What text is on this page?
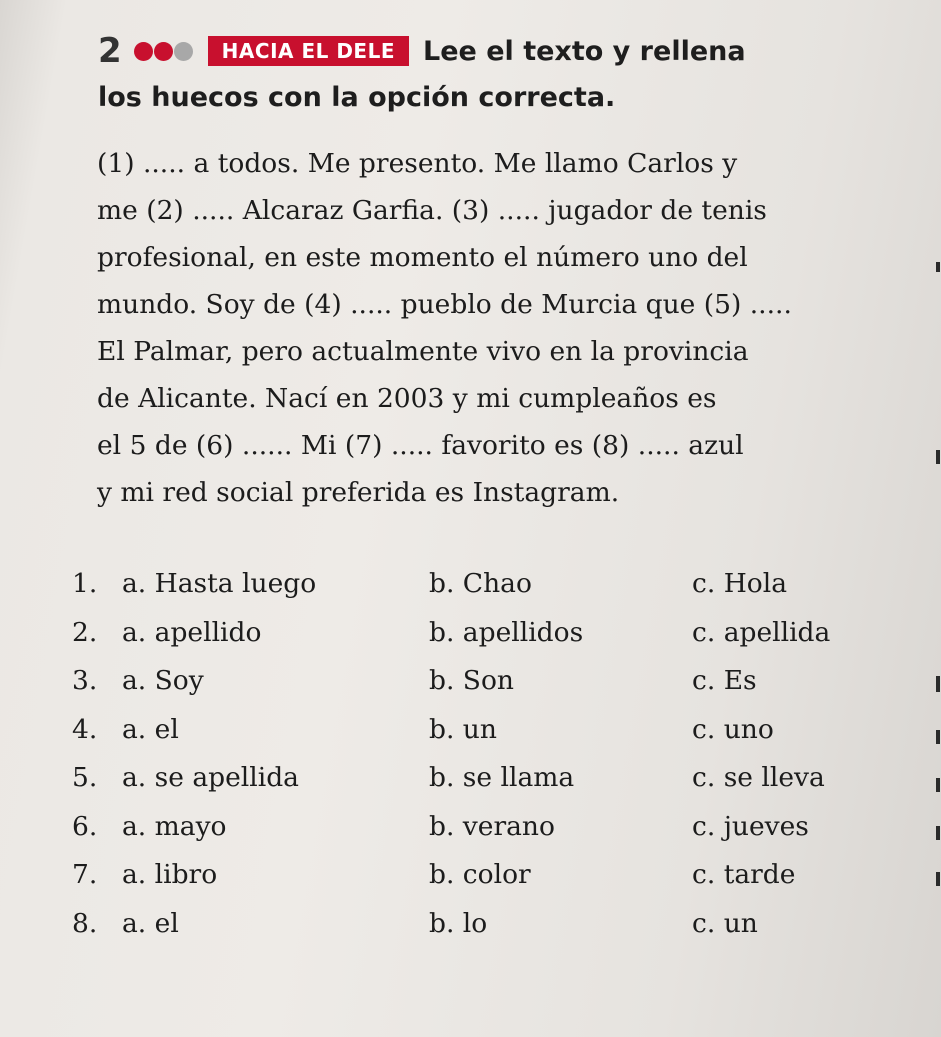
2	HACIA EL DELE	Lee el texto y rellena
los huecos con la opción correcta.
(1) ..... a todos. Me presento. Me llamo Carlos y
me (2) ..... Alcaraz Garfia. (3) ..... jugador de tenis
profesional, en este momento el número uno del
mundo. Soy de (4) ..... pueblo de Murcia que (5) .....
El Palmar, pero actualmente vivo en la provincia
de Alicante. Nací en 2003 y mi cumpleaños es
el 5 de (6) ...... Mi (7) ..... favorito es (8) ..... azul
y mi red social preferida es Instagram.
1. a. Hasta luego	b. Chao	c. Hola
2. a. apellido	b. apellidos	c. apellida
3. a. Soy	b. Son	c. Es
4. a. el	b. un	c. uno
5. a. se apellida	b. se llama	c. se lleva
6. a. mayo	b. verano	c. jueves
7. a. libro	b. color	c. tarde
8. a. el	b. lo	c. un
